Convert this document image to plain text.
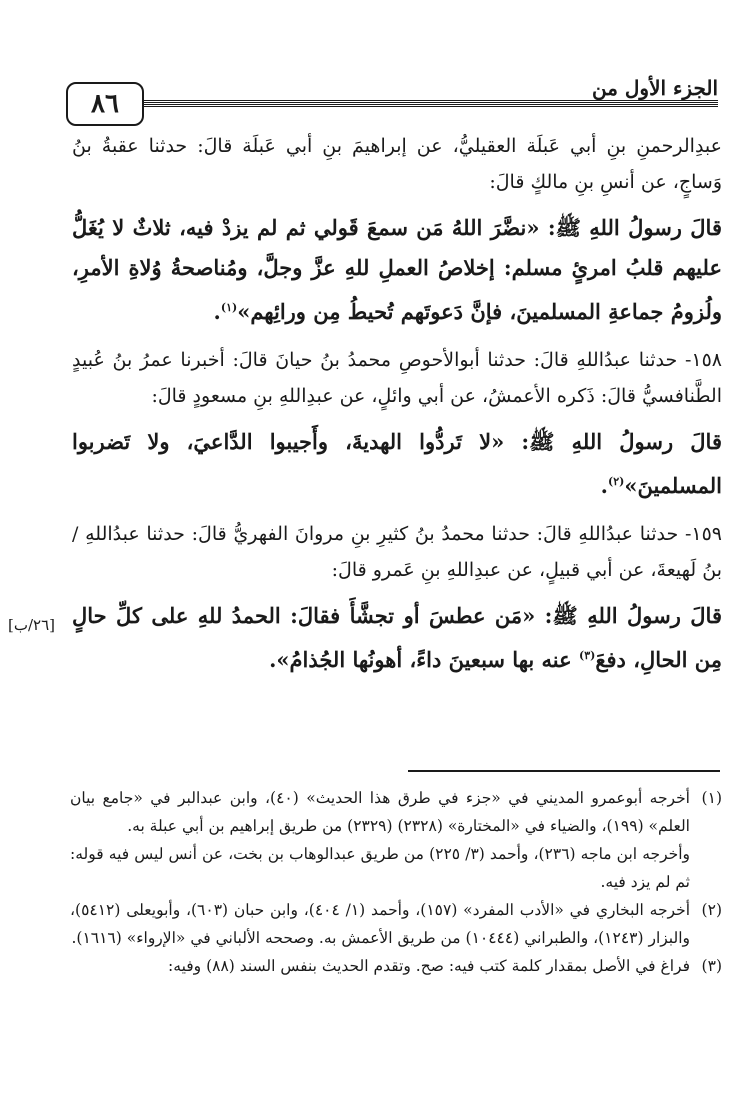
الجزء الأول من
٨٦
[٢٦/ب]

عبدِالرحمنِ بنِ أبي عَبلَة العقيليُّ، عن إبراهيمَ بنِ أبي عَبلَة قالَ: حدثنا عقبةُ بنُ وَساجٍ، عن أنسِ بنِ مالكٍ قالَ:

قالَ رسولُ اللهِ ﷺ: «نضَّرَ اللهُ مَن سمعَ قَولي ثم لم يزدْ فيه، ثلاثٌ لا يُغَلُّ عليهم قلبُ امرئٍ مسلم: إخلاصُ العملِ للهِ عزَّ وجلَّ، ومُناصحةُ وُلاةِ الأمرِ، ولُزومُ جماعةِ المسلمينَ، فإنَّ دَعوتَهم تُحيطُ مِن ورائِهم»$^{(١)}$.

١٥٨- حدثنا عبدُاللهِ قالَ: حدثنا أبوالأحوصِ محمدُ بنُ حيانَ قالَ: أخبرنا عمرُ بنُ عُبيدٍ الطَّنافسيُّ قالَ: ذَكره الأعمشُ، عن أبي وائلٍ، عن عبدِاللهِ بنِ مسعودٍ قالَ:

قالَ رسولُ اللهِ ﷺ: «لا تَردُّوا الهديةَ، وأَجيبوا الدَّاعيَ، ولا تَضربوا المسلمينَ»$^{(٢)}$.

١٥٩- حدثنا عبدُاللهِ قالَ: حدثنا محمدُ بنُ كثيرِ بنِ مروانَ الفهريُّ قالَ: حدثنا عبدُاللهِ / بنُ لَهيعةَ، عن أبي قبيلٍ، عن عبدِاللهِ بنِ عَمرو قالَ:

قالَ رسولُ اللهِ ﷺ: «مَن عطسَ أو تجشَّأَ فقالَ: الحمدُ للهِ على كلِّ حالٍ مِن الحالِ، دفعَ$^{(٣)}$ عنه بها سبعينَ داءً، أهونُها الجُذامُ».

(١)

أخرجه أبوعمرو المديني في «جزء في طرق هذا الحديث» (٤٠)، وابن عبدالبر في «جامع بيان العلم» (١٩٩)، والضياء في «المختارة» (٢٣٢٨) (٢٣٢٩) من طريق إبراهيم بن أبي عبلة به.

وأخرجه ابن ماجه (٢٣٦)، وأحمد (٣/ ٢٢٥) من طريق عبدالوهاب بن بخت، عن أنس ليس فيه قوله: ثم لم يزد فيه.

(٢)

أخرجه البخاري في «الأدب المفرد» (١٥٧)، وأحمد (١/ ٤٠٤)، وابن حبان (٦٠٣)، وأبويعلى (٥٤١٢)، والبزار (١٢٤٣)، والطبراني (١٠٤٤٤) من طريق الأعمش به. وصححه الألباني في «الإرواء» (١٦١٦).

(٣)

فراغ في الأصل بمقدار كلمة كتب فيه: صح. وتقدم الحديث بنفس السند (٨٨) وفيه:
